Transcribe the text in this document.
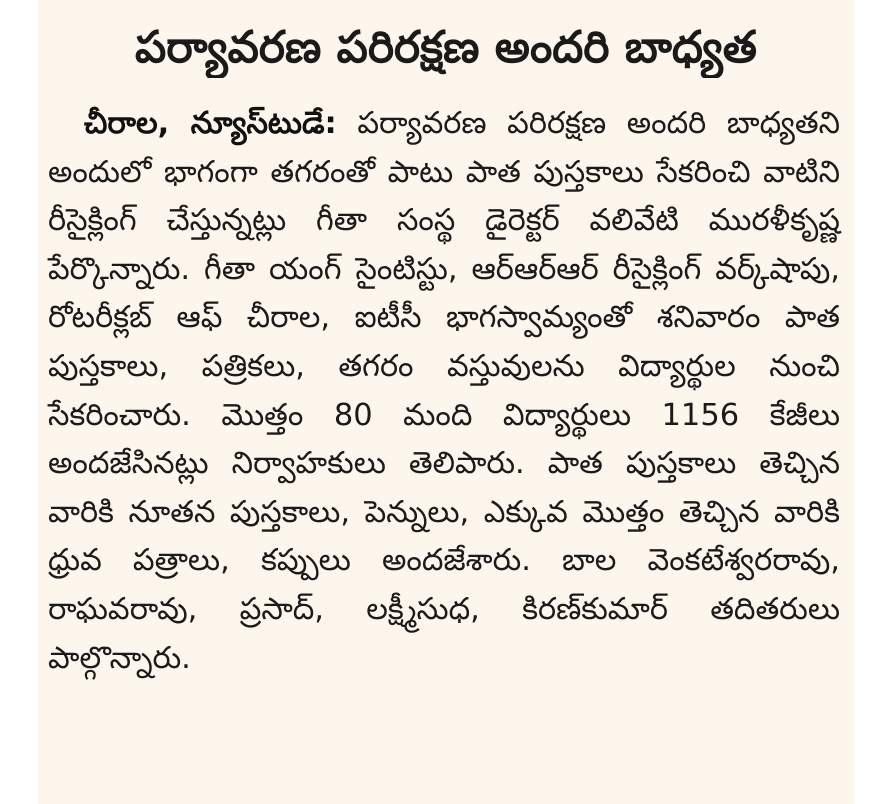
పర్యావరణ పరిరక్షణ అందరి బాధ్యత

చీరాల, న్యూస్‌టుడే: పర్యావరణ పరిరక్షణ అందరి బాధ్యతని అందులో భాగంగా తగరంతో పాటు పాత పుస్తకాలు సేకరించి వాటిని రీసైక్లింగ్ చేస్తున్నట్లు గీతా సంస్థ డైరెక్టర్ వలివేటి మురళీకృష్ణ పేర్కొన్నారు. గీతా యంగ్ సైంటిస్టు, ఆర్‌ఆర్‌ఆర్ రీసైక్లింగ్ వర్క్‌షాపు, రోటరీక్లబ్ ఆఫ్ చీరాల, ఐటీసీ భాగస్వామ్యంతో శనివారం పాత పుస్తకాలు, పత్రికలు, తగరం వస్తువులను విద్యార్థుల నుంచి సేకరించారు. మొత్తం 80 మంది విద్యార్థులు 1156 కేజీలు అందజేసినట్లు నిర్వాహకులు తెలిపారు. పాత పుస్తకాలు తెచ్చిన వారికి నూతన పుస్తకాలు, పెన్నులు, ఎక్కువ మొత్తం తెచ్చిన వారికి ధ్రువ పత్రాలు, కప్పులు అందజేశారు. బాల వెంకటేశ్వరరావు, రాఘవరావు, ప్రసాద్, లక్ష్మీసుధ, కిరణ్‌కుమార్ తదితరులు పాల్గొన్నారు.
